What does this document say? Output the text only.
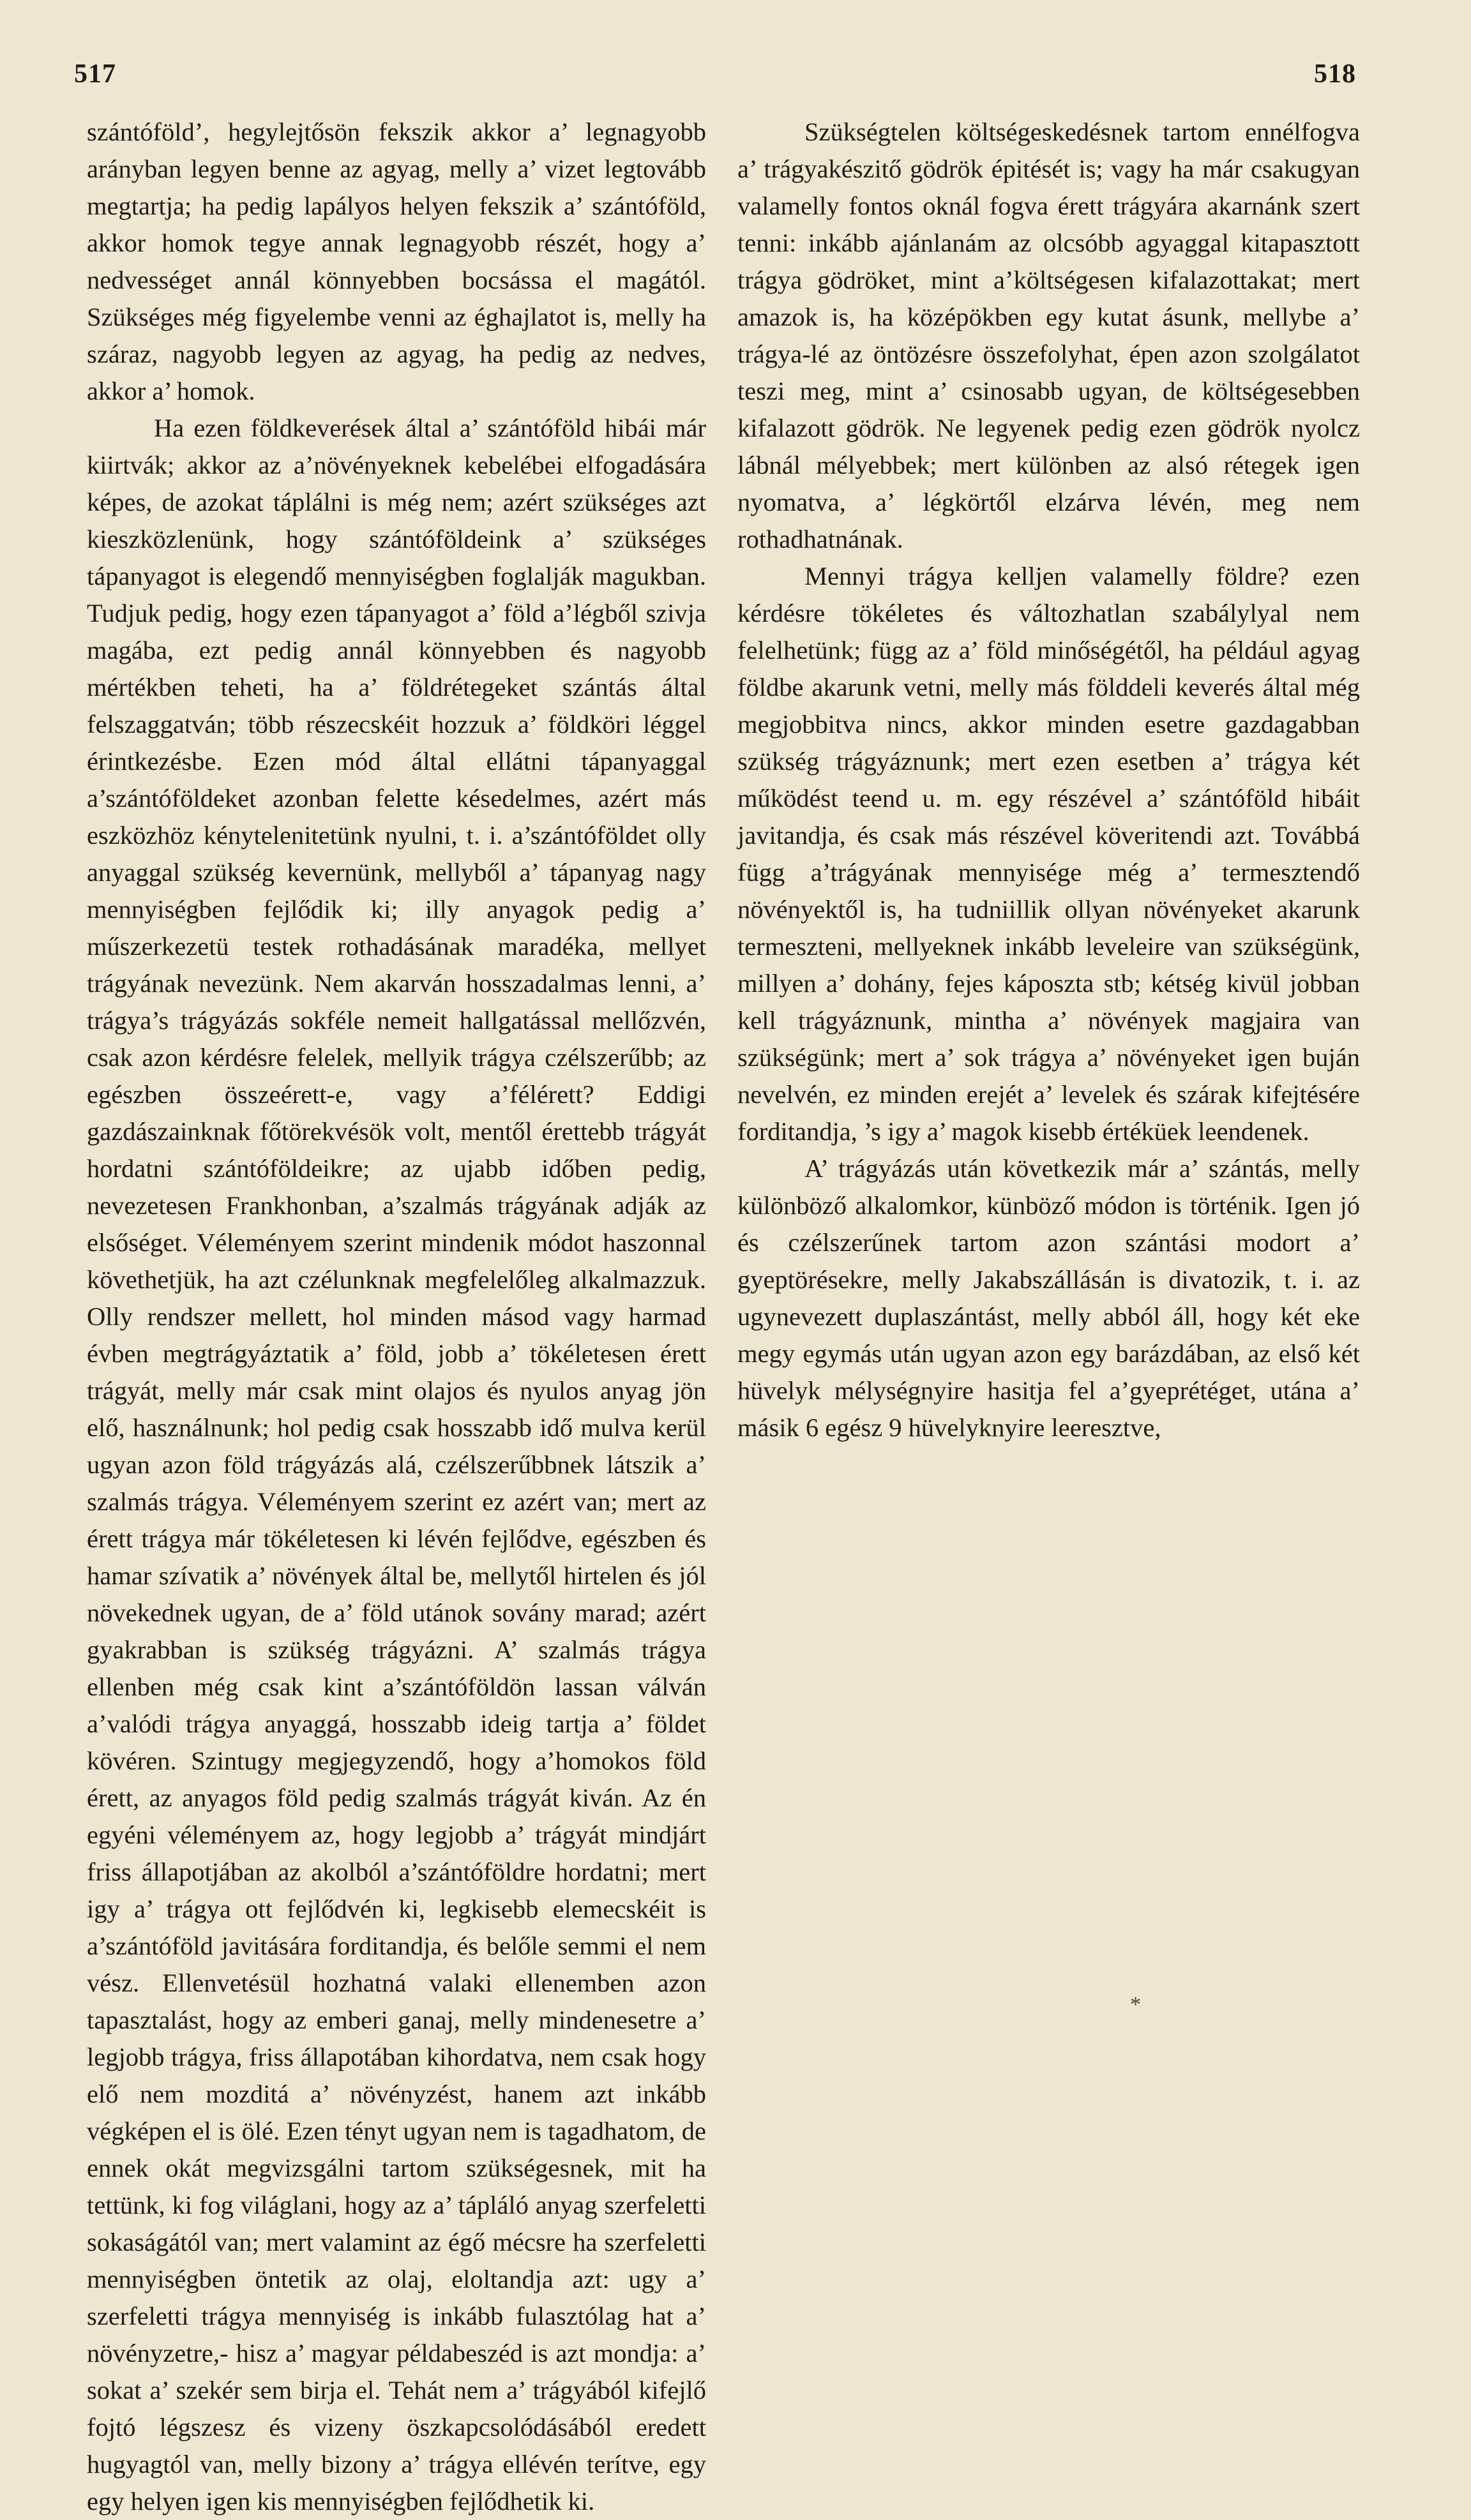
517	518

szántóföld’, hegylejtősön fekszik akkor a’ legnagyobb arányban legyen benne az agyag, melly a’ vizet legtovább megtartja; ha pedig lapályos helyen fekszik a’ szántóföld, akkor homok tegye annak legnagyobb részét, hogy a’ nedvességet annál könnyebben bocsássa el magától. Szükséges még figyelembe venni az éghajlatot is, melly ha száraz, nagyobb legyen az agyag, ha pedig az nedves, akkor a’ homok.

Ha ezen földkeverések által a’ szántóföld hibái már kiirtvák; akkor az a’növényeknek kebelébei elfogadására képes, de azokat táplálni is még nem; azért szükséges azt kieszközlenünk, hogy szántóföldeink a’ szükséges tápanyagot is elegendő mennyiségben foglalják magukban. Tudjuk pedig, hogy ezen tápanyagot a’ föld a’légből szivja magába, ezt pedig annál könnyebben és nagyobb mértékben teheti, ha a’ földrétegeket szántás által felszaggatván; több részecskéit hozzuk a’ földköri léggel érintkezésbe. Ezen mód által ellátni tápanyaggal a’szántóföldeket azonban felette késedelmes, azért más eszközhöz kénytelenitetünk nyulni, t. i. a’szántóföldet olly anyaggal szükség kevernünk, mellyből a’ tápanyag nagy mennyiségben fejlődik ki; illy anyagok pedig a’ műszerkezetü testek rothadásának maradéka, mellyet trágyának nevezünk. Nem akarván hosszadalmas lenni, a’ trágya’s trágyázás sokféle nemeit hallgatással mellőzvén, csak azon kérdésre felelek, mellyik trágya czélszerűbb; az egészben összeérett-e, vagy a’félérett? Eddigi gazdászainknak főtörekvésök volt, mentől érettebb trágyát hordatni szántóföldeikre; az ujabb időben pedig, nevezetesen Frankhonban, a’szalmás trágyának adják az elsőséget. Véleményem szerint mindenik módot haszonnal követhetjük, ha azt czélunknak megfelelőleg alkalmazzuk. Olly rendszer mellett, hol minden másod vagy harmad évben megtrágyáztatik a’ föld, jobb a’ tökéletesen érett trágyát, melly már csak mint olajos és nyulos anyag jön elő, használnunk; hol pedig csak hosszabb idő mulva kerül ugyan azon föld trágyázás alá, czélszerűbbnek látszik a’ szalmás trágya. Véleményem szerint ez azért van; mert az érett trágya már tökéletesen ki lévén fejlődve, egészben és hamar szívatik a’ növények által be, mellytől hirtelen és jól növekednek ugyan, de a’ föld utánok sovány marad; azért gyakrabban is szükség trágyázni. A’ szalmás trágya ellenben még csak kint a’szántóföldön lassan válván a’valódi trágya anyaggá, hosszabb ideig tartja a’ földet kövéren. Szintugy megjegyzendő, hogy a’homokos föld érett, az anyagos föld pedig szalmás trágyát kiván. Az én egyéni véleményem az, hogy legjobb a’ trágyát mindjárt friss állapotjában az akolból a’szántóföldre hordatni; mert igy a’ trágya ott fejlődvén ki, legkisebb elemecskéit is a’szántóföld javitására forditandja, és belőle semmi el nem vész. Ellenvetésül hozhatná valaki ellenemben azon tapasztalást, hogy az emberi ganaj, melly mindenesetre a’ legjobb trágya, friss állapotában kihordatva, nem csak hogy elő nem mozditá a’ növényzést, hanem azt inkább végképen el is ölé. Ezen tényt ugyan nem is tagadhatom, de ennek okát megvizsgálni tartom szükségesnek, mit ha tettünk, ki fog világlani, hogy az a’ tápláló anyag szerfeletti sokaságától van; mert valamint az égő mécsre ha szerfeletti mennyiségben öntetik az olaj, eloltandja azt: ugy a’ szerfeletti trágya mennyiség is inkább fulasztólag hat a’ növényzetre,- hisz a’ magyar példabeszéd is azt mondja: a’ sokat a’ szekér sem birja el. Tehát nem a’ trágyából kifejlő fojtó légszesz és vizeny öszkapcsolódásából eredett hugyagtól van, melly bizony a’ trágya ellévén terítve, egy egy helyen igen kis mennyiségben fejlődhetik ki.

Szükségtelen költségeskedésnek tartom ennélfogva a’ trágyakészitő gödrök épitését is; vagy ha már csakugyan valamelly fontos oknál fogva érett trágyára akarnánk szert tenni: inkább ajánlanám az olcsóbb agyaggal kitapasztott trágya gödröket, mint a’költségesen kifalazottakat; mert amazok is, ha középökben egy kutat ásunk, mellybe a’ trágya-lé az öntözésre összefolyhat, épen azon szolgálatot teszi meg, mint a’ csinosabb ugyan, de költségesebben kifalazott gödrök. Ne legyenek pedig ezen gödrök nyolcz lábnál mélyebbek; mert különben az alsó rétegek igen nyomatva, a’ légkörtől elzárva lévén, meg nem rothadhatnának.

Mennyi trágya kelljen valamelly földre? ezen kérdésre tökéletes és változhatlan szabálylyal nem felelhetünk; függ az a’ föld minőségétől, ha például agyag földbe akarunk vetni, melly más földdeli keverés által még megjobbitva nincs, akkor minden esetre gazdagabban szükség trágyáznunk; mert ezen esetben a’ trágya két működést teend u. m. egy részével a’ szántóföld hibáit javitandja, és csak más részével köveritendi azt. Továbbá függ a’trágyának mennyisége még a’ termesztendő növényektől is, ha tudniillik ollyan növényeket akarunk termeszteni, mellyeknek inkább leveleire van szükségünk, millyen a’ dohány, fejes káposzta stb; kétség kivül jobban kell trágyáznunk, mintha a’ növények magjaira van szükségünk; mert a’ sok trágya a’ növényeket igen buján nevelvén, ez minden erejét a’ levelek és szárak kifejtésére forditandja, ’s igy a’ magok kisebb értéküek leendenek.

A’ trágyázás után következik már a’ szántás, melly különböző alkalomkor, künböző módon is történik. Igen jó és czélszerűnek tartom azon szántási modort a’ gyeptörésekre, melly Jakabszállásán is divatozik, t. i. az ugynevezett duplaszántást, melly abból áll, hogy két eke megy egymás után ugyan azon egy barázdában, az első két hüvelyk mélységnyire hasitja fel a’gyeprétéget, utána a’ másik 6 egész 9 hüvelyknyire leeresztve,

*
